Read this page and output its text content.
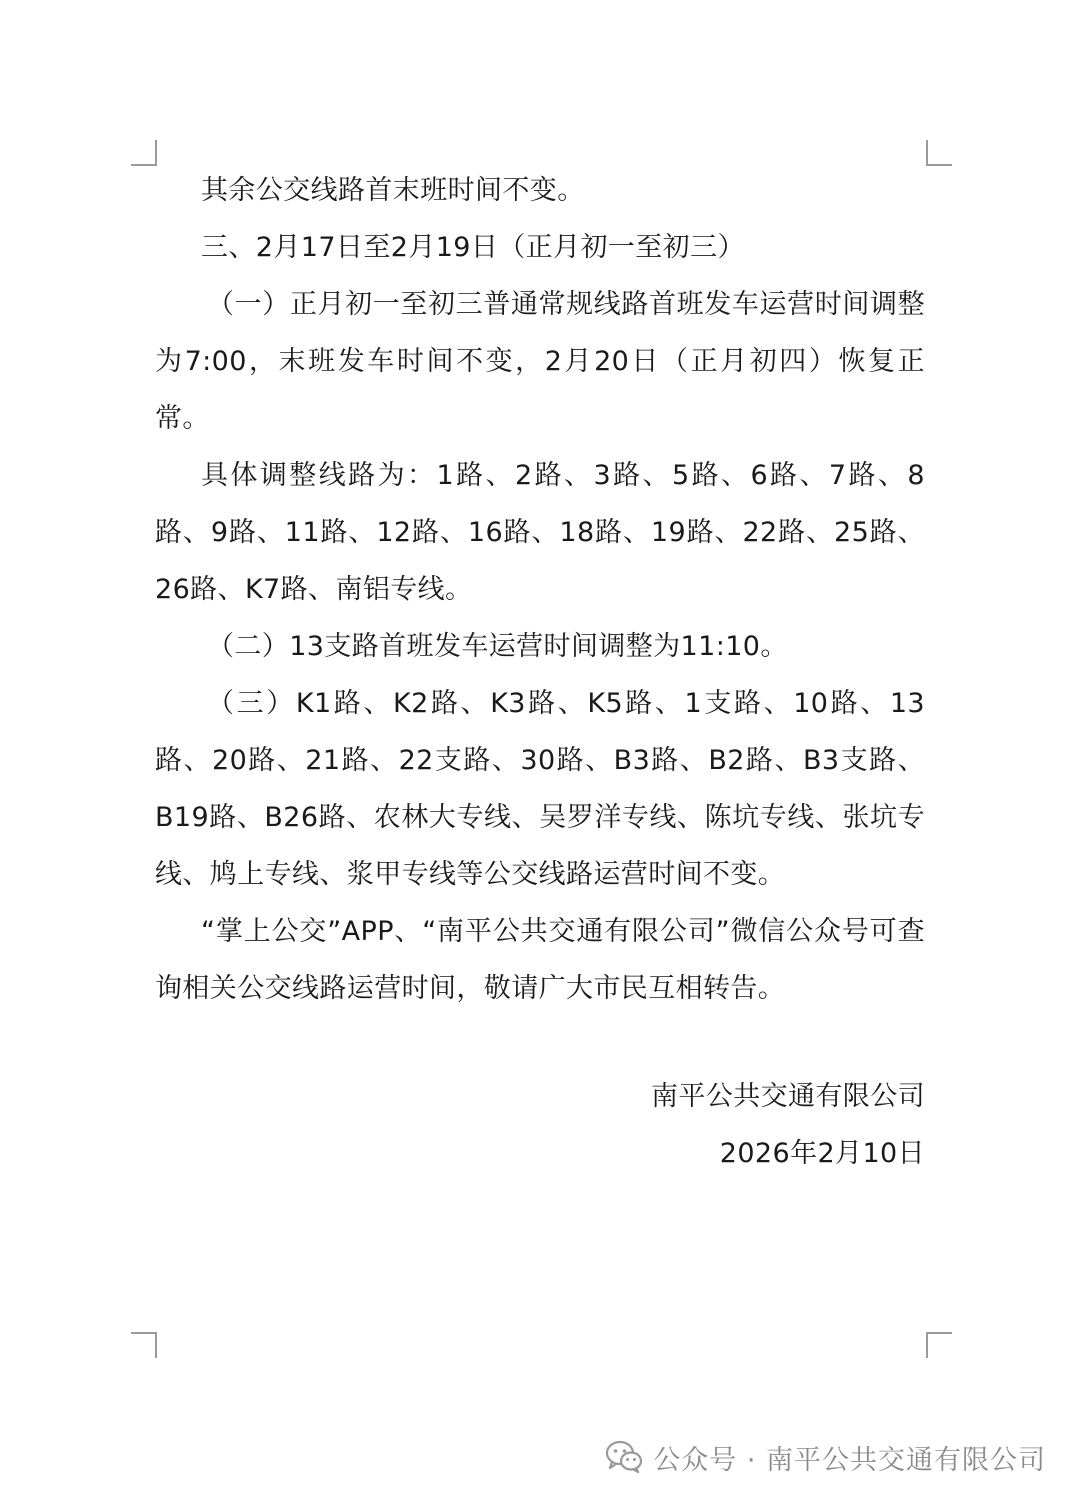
其余公交线路首末班时间不变。

三、2月17日至2月19日（正月初一至初三）

（一）正月初一至初三普通常规线路首班发车运营时间调整为7:00，末班发车时间不变，2月20日（正月初四）恢复正常。

具体调整线路为：1路、2路、3路、5路、6路、7路、8路、9路、11路、12路、16路、18路、19路、22路、25路、26路、K7路、南铝专线。

（二）13支路首班发车运营时间调整为11:10。

（三）K1路、K2路、K3路、K5路、1支路、10路、13路、20路、21路、22支路、30路、B3路、B2路、B3支路、B19路、B26路、农林大专线、吴罗洋专线、陈坑专线、张坑专线、鸠上专线、浆甲专线等公交线路运营时间不变。

“掌上公交”APP、“南平公共交通有限公司”微信公众号可查询相关公交线路运营时间，敬请广大市民互相转告。

南平公共交通有限公司
2026年2月10日
公众号 · 南平公共交通有限公司
